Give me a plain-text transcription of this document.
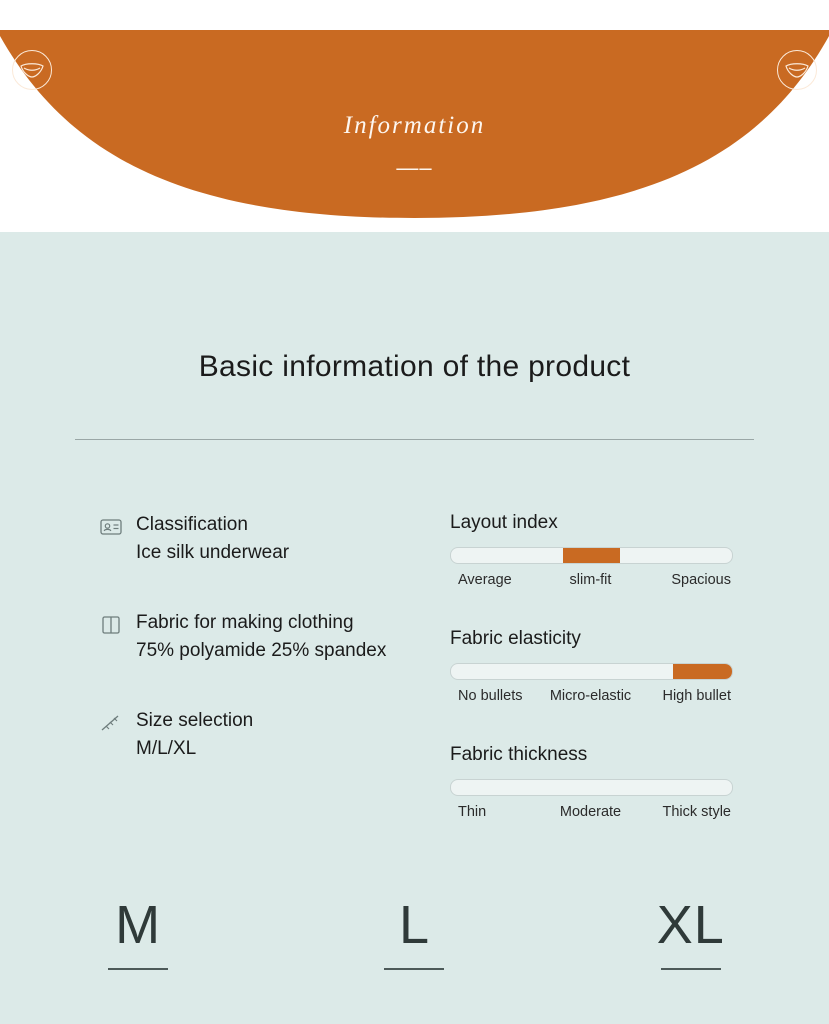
Information
—–
Basic information of the product
Classification
Ice silk underwear
Fabric for making clothing
75% polyamide 25% spandex
Size selection
M/L/XL
Layout index
Average	slim-fit	Spacious
Fabric elasticity
No bullets Micro-elastic High bullet
Fabric thickness
Thin	Moderate	Thick style
M	L	XL
